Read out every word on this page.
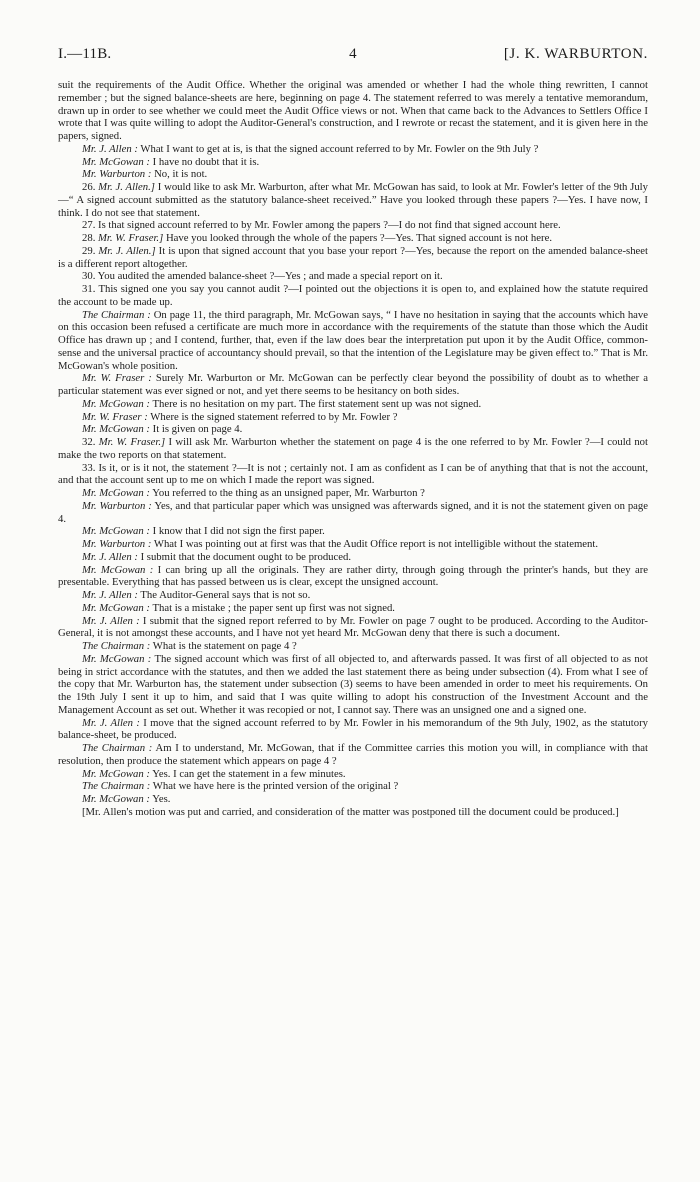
I.—11B.	4	[J. K. WARBURTON.

suit the requirements of the Audit Office. Whether the original was amended or whether I had the whole thing rewritten, I cannot remember ; but the signed balance-sheets are here, beginning on page 4. The statement referred to was merely a tentative memorandum, drawn up in order to see whether we could meet the Audit Office views or not. When that came back to the Advances to Settlers Office I wrote that I was quite willing to adopt the Auditor-General's construction, and I rewrote or recast the statement, and it is given here in the papers, signed.

Mr. J. Allen : What I want to get at is, is that the signed account referred to by Mr. Fowler on the 9th July ?

Mr. McGowan : I have no doubt that it is.

Mr. Warburton : No, it is not.

26. Mr. J. Allen.] I would like to ask Mr. Warburton, after what Mr. McGowan has said, to look at Mr. Fowler's letter of the 9th July—“ A signed account submitted as the statutory balance-sheet received.” Have you looked through these papers ?—Yes. I have now, I think. I do not see that statement.

27. Is that signed account referred to by Mr. Fowler among the papers ?—I do not find that signed account here.

28. Mr. W. Fraser.] Have you looked through the whole of the papers ?—Yes. That signed account is not here.

29. Mr. J. Allen.] It is upon that signed account that you base your report ?—Yes, because the report on the amended balance-sheet is a different report altogether.

30. You audited the amended balance-sheet ?—Yes ; and made a special report on it.

31. This signed one you say you cannot audit ?—I pointed out the objections it is open to, and explained how the statute required the account to be made up.

The Chairman : On page 11, the third paragraph, Mr. McGowan says, “ I have no hesitation in saying that the accounts which have on this occasion been refused a certificate are much more in accordance with the requirements of the statute than those which the Audit Office has drawn up ; and I contend, further, that, even if the law does bear the interpretation put upon it by the Audit Office, common-sense and the universal practice of accountancy should prevail, so that the intention of the Legislature may be given effect to.” That is Mr. McGowan's whole position.

Mr. W. Fraser : Surely Mr. Warburton or Mr. McGowan can be perfectly clear beyond the possibility of doubt as to whether a particular statement was ever signed or not, and yet there seems to be hesitancy on both sides.

Mr. McGowan : There is no hesitation on my part. The first statement sent up was not signed.

Mr. W. Fraser : Where is the signed statement referred to by Mr. Fowler ?

Mr. McGowan : It is given on page 4.

32. Mr. W. Fraser.] I will ask Mr. Warburton whether the statement on page 4 is the one referred to by Mr. Fowler ?—I could not make the two reports on that statement.

33. Is it, or is it not, the statement ?—It is not ; certainly not. I am as confident as I can be of anything that that is not the account, and that the account sent up to me on which I made the report was signed.

Mr. McGowan : You referred to the thing as an unsigned paper, Mr. Warburton ?

Mr. Warburton : Yes, and that particular paper which was unsigned was afterwards signed, and it is not the statement given on page 4.

Mr. McGowan : I know that I did not sign the first paper.

Mr. Warburton : What I was pointing out at first was that the Audit Office report is not intelligible without the statement.

Mr. J. Allen : I submit that the document ought to be produced.

Mr. McGowan : I can bring up all the originals. They are rather dirty, through going through the printer's hands, but they are presentable. Everything that has passed between us is clear, except the unsigned account.

Mr. J. Allen : The Auditor-General says that is not so.

Mr. McGowan : That is a mistake ; the paper sent up first was not signed.

Mr. J. Allen : I submit that the signed report referred to by Mr. Fowler on page 7 ought to be produced. According to the Auditor-General, it is not amongst these accounts, and I have not yet heard Mr. McGowan deny that there is such a document.

The Chairman : What is the statement on page 4 ?

Mr. McGowan : The signed account which was first of all objected to, and afterwards passed. It was first of all objected to as not being in strict accordance with the statutes, and then we added the last statement there as being under subsection (4). From what I see of the copy that Mr. Warburton has, the statement under subsection (3) seems to have been amended in order to meet his requirements. On the 19th July I sent it up to him, and said that I was quite willing to adopt his construction of the Investment Account and the Management Account as set out. Whether it was recopied or not, I cannot say. There was an unsigned one and a signed one.

Mr. J. Allen : I move that the signed account referred to by Mr. Fowler in his memorandum of the 9th July, 1902, as the statutory balance-sheet, be produced.

The Chairman : Am I to understand, Mr. McGowan, that if the Committee carries this motion you will, in compliance with that resolution, then produce the statement which appears on page 4 ?

Mr. McGowan : Yes. I can get the statement in a few minutes.

The Chairman : What we have here is the printed version of the original ?

Mr. McGowan : Yes.

[Mr. Allen's motion was put and carried, and consideration of the matter was postponed till the document could be produced.]
